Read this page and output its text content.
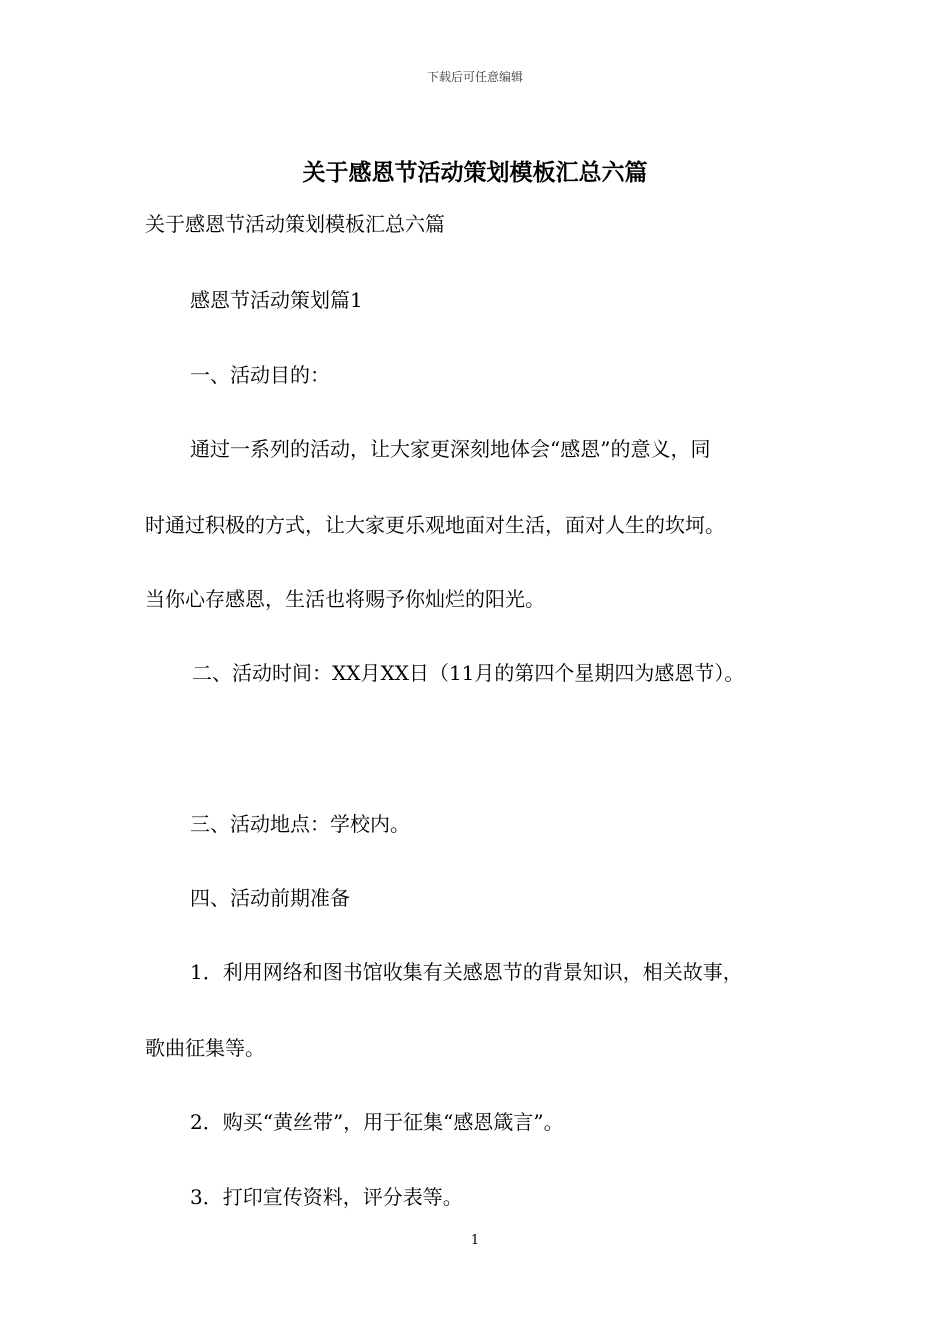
下载后可任意编辑
关于感恩节活动策划模板汇总六篇

关于感恩节活动策划模板汇总六篇

感恩节活动策划篇1

一、活动目的：

通过一系列的活动，让大家更深刻地体会“感恩”的意义，同

时通过积极的方式，让大家更乐观地面对生活，面对人生的坎坷。

当你心存感恩，生活也将赐予你灿烂的阳光。

二、活动时间：XX月XX日（11月的第四个星期四为感恩节）。

三、活动地点：学校内。

四、活动前期准备

1．利用网络和图书馆收集有关感恩节的背景知识，相关故事，

歌曲征集等。

2．购买“黄丝带”，用于征集“感恩箴言”。

3．打印宣传资料，评分表等。

1
